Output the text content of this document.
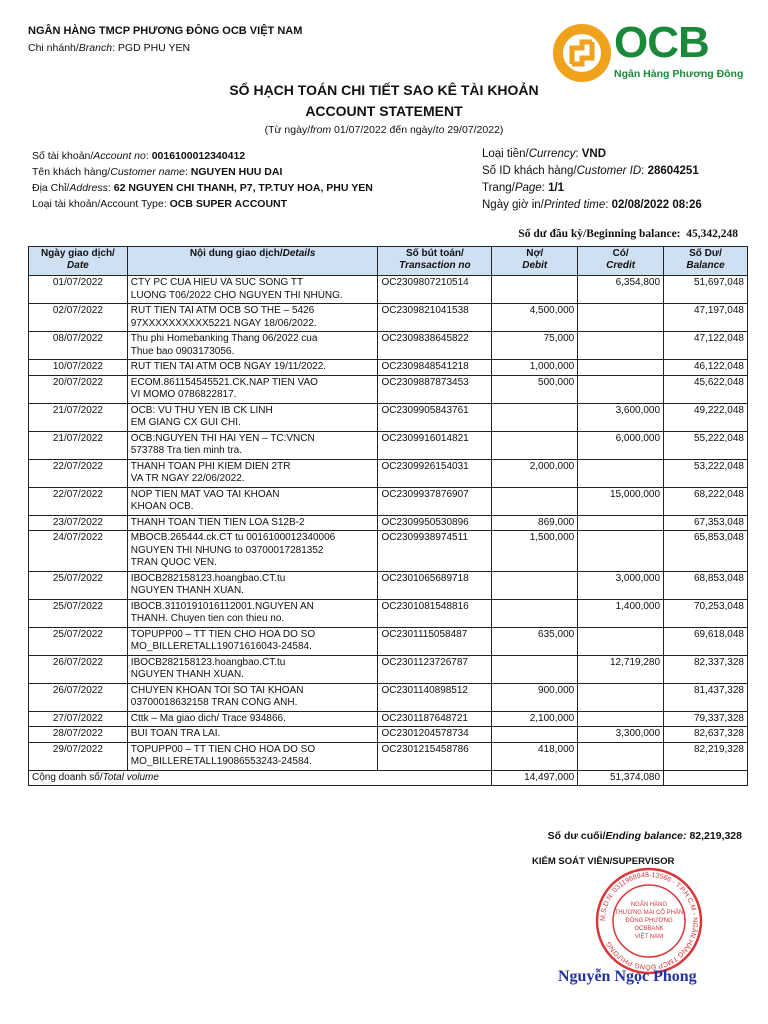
NGÂN HÀNG TMCP PHƯƠNG ĐÔNG OCB VIỆT NAM
Chi nhánh/Branch: PGD PHU YEN	OCB
Ngân Hàng Phương Đông
SỔ HẠCH TOÁN CHI TIẾT SAO KÊ TÀI KHOẢN
ACCOUNT STATEMENT
(Từ ngày/from 01/07/2022 đến ngày/to 29/07/2022)
Số tài khoản/Account no: 0016100012340412
Tên khách hàng/Customer name: NGUYEN HUU DAI
Địa Chỉ/Address: 62 NGUYEN CHI THANH, P7, TP.TUY HOA, PHU YEN
Loại tài khoản/Account Type: OCB SUPER ACCOUNT
Loại tiền/Currency: VND
Số ID khách hàng/Customer ID: 28604251
Trang/Page: 1/1
Ngày giờ in/Printed time: 02/08/2022 08:26
Số dư đầu kỳ/Beginning balance: 45,342,248
Ngày giao dịch/
Date	Nội dung giao dịch/Details	Số bút toán/
Transaction no	Nợ/
Debit	Có/
Credit	Số Dư/
Balance
01/07/2022	CTY PC CUA HIEU VA SUC SONG TT
LUONG T06/2022 CHO NGUYEN THI NHUNG.	OC2309807210514		6,354,800	51,697,048
02/07/2022	RUT TIEN TAI ATM OCB SO THE – 5426
97XXXXXXXXXX5221 NGAY 18/06/2022.	OC2309821041538	4,500,000		47,197,048
08/07/2022	Thu phi Homebanking Thang 06/2022 cua
Thue bao 0903173056.	OC2309838645822	75,000		47,122,048
10/07/2022	RUT TIEN TAI ATM OCB NGAY 19/11/2022.	OC2309848541218	1,000,000		46,122,048
20/07/2022	ECOM.861154545521.CK.NAP TIEN VAO
VI MOMO 0786822817.	OC2309887873453	500,000		45,622,048
21/07/2022	OCB: VU THU YEN IB CK LINH
EM GIANG CX GUI CHI.	OC2309905843761		3,600,000	49,222,048
21/07/2022	OCB:NGUYEN THI HAI YEN – TC:VNCN
573788 Tra tien minh tra.	OC2309916014821		6,000,000	55,222,048
22/07/2022	THANH TOAN PHI KIEM DIEN 2TR
VA TR NGAY 22/06/2022.	OC2309926154031	2,000,000		53,222,048
22/07/2022	NOP TIEN MAT VAO TAI KHOAN
KHOAN OCB.	OC2309937876907		15,000,000	68,222,048
23/07/2022	THANH TOAN TIEN TIEN LOA S12B-2	OC2309950530896	869,000		67,353,048
24/07/2022	MBOCB.265444.ck.CT tu 0016100012340006
NGUYEN THI NHUNG to 03700017281352
TRAN QUOC VEN.	OC2309938974511	1,500,000		65,853,048
25/07/2022	IBOCB282158123.hoangbao.CT.tu
NGUYEN THANH XUAN.	OC2301065689718		3,000,000	68,853,048
25/07/2022	IBOCB.3110191016112001.NGUYEN AN
THANH. Chuyen tien con thieu no.	OC2301081548816		1,400,000	70,253,048
25/07/2022	TOPUPP00 – TT TIEN CHO HOA DO SO
MO_BILLERETALL19071616043-24584.	OC2301115058487	635,000		69,618,048
26/07/2022	IBOCB282158123.hoangbao.CT.tu
NGUYEN THANH XUAN.	OC2301123726787		12,719,280	82,337,328
26/07/2022	CHUYEN KHOAN TOI SO TAI KHOAN
03700018632158 TRAN CONG ANH.	OC2301140898512	900,000		81,437,328
27/07/2022	Cttk – Ma giao dich/ Trace 934866.	OC2301187648721	2,100,000		79,337,328
28/07/2022	BUI TOAN TRA LAI.	OC2301204578734		3,300,000	82,637,328
29/07/2022	TOPUPP00 – TT TIEN CHO HOA DO SO
MO_BILLERETALL19086553243-24584.	OC2301215458786	418,000		82,219,328
Cộng doanh số/Total volume			14,497,000	51,374,080	
Số dư cuối/Ending balance: 82,219,328
KIỂM SOÁT VIÊN/SUPERVISOR
M.S.D.N: 0311968948-13566 - T.P.H.C.M - NGÂN HÀNG TMCP ĐÔNG PHƯƠNG
NGÂN HÀNG
THƯƠNG MẠI CỔ PHẦN
ĐÔNG PHƯƠNG
OCBBANK
VIỆT NAM
Nguyễn Ngọc Phong
